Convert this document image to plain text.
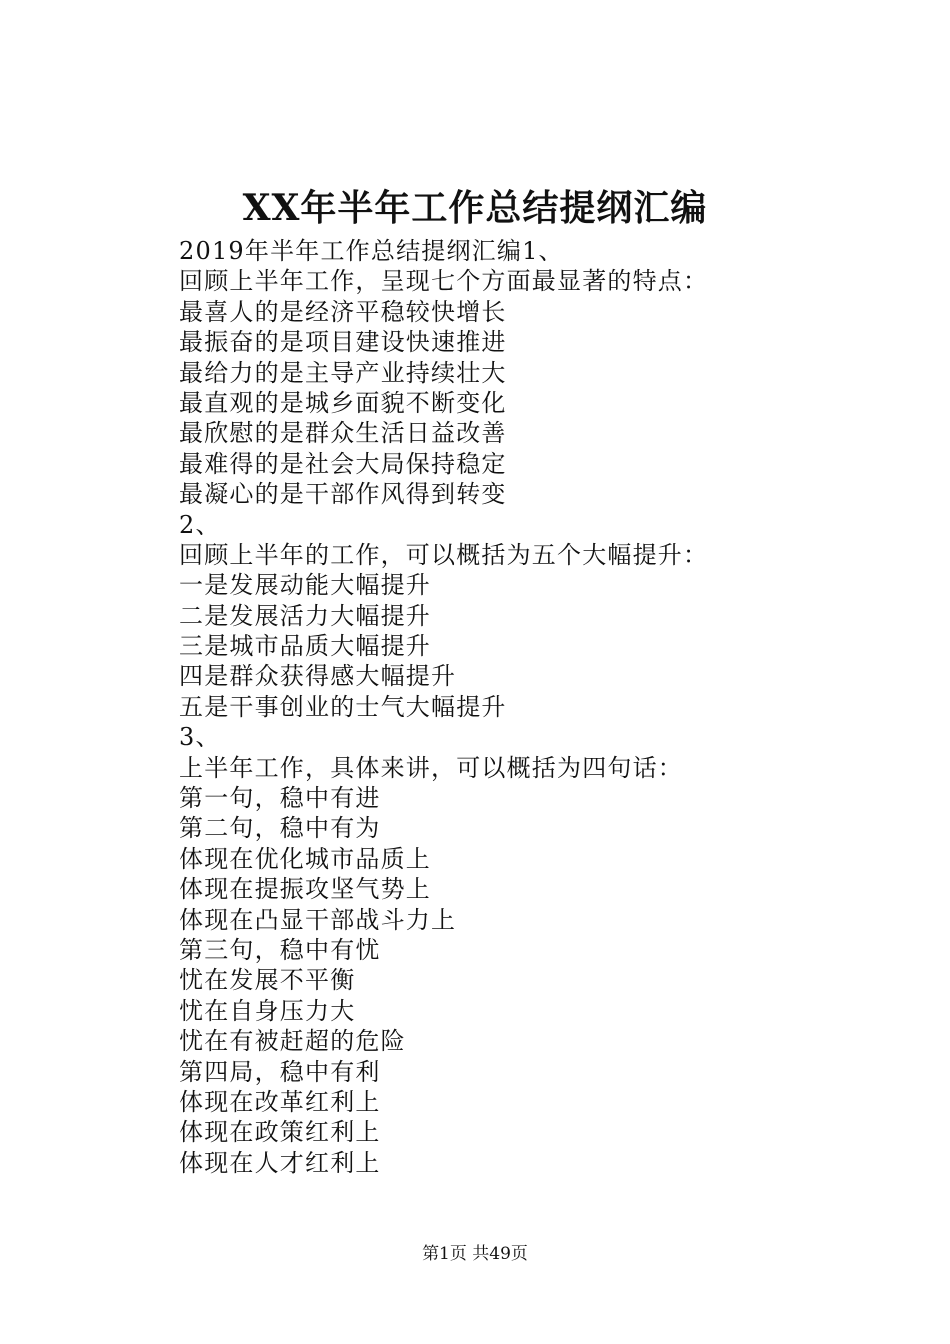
XX年半年工作总结提纲汇编
2019年半年工作总结提纲汇编1、
回顾上半年工作，呈现七个方面最显著的特点：
最喜人的是经济平稳较快增长
最振奋的是项目建设快速推进
最给力的是主导产业持续壮大
最直观的是城乡面貌不断变化
最欣慰的是群众生活日益改善
最难得的是社会大局保持稳定
最凝心的是干部作风得到转变
2、
回顾上半年的工作，可以概括为五个大幅提升：
一是发展动能大幅提升
二是发展活力大幅提升
三是城市品质大幅提升
四是群众获得感大幅提升
五是干事创业的士气大幅提升
3、
上半年工作，具体来讲，可以概括为四句话：
第一句，稳中有进
第二句，稳中有为
体现在优化城市品质上
体现在提振攻坚气势上
体现在凸显干部战斗力上
第三句，稳中有忧
忧在发展不平衡
忧在自身压力大
忧在有被赶超的危险
第四局，稳中有利
体现在改革红利上
体现在政策红利上
体现在人才红利上
第1页 共49页
